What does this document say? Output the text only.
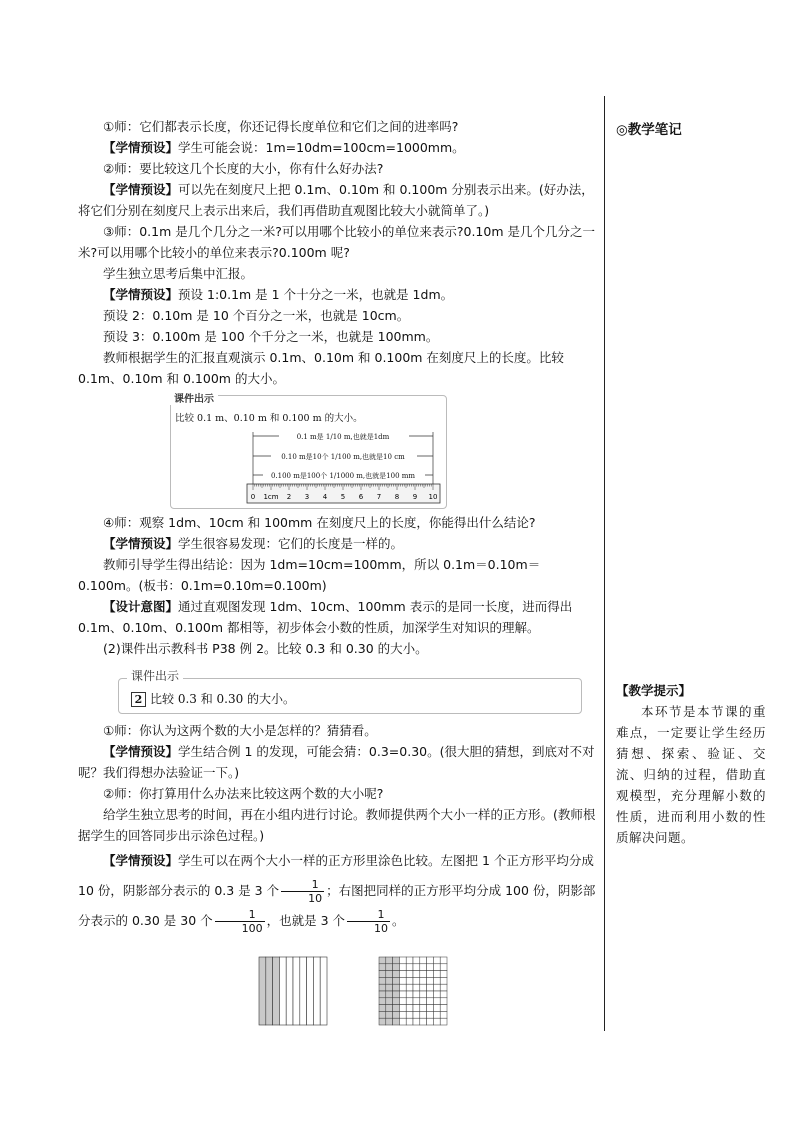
①师：它们都表示长度，你还记得长度单位和它们之间的进率吗?

【学情预设】学生可能会说：1m=10dm=100cm=1000mm。

②师：要比较这几个长度的大小，你有什么好办法?

【学情预设】可以先在刻度尺上把 0.1m、0.10m 和 0.100m 分别表示出来。(好办法，将它们分别在刻度尺上表示出来后，我们再借助直观图比较大小就简单了。)

③师：0.1m 是几个几分之一米?可以用哪个比较小的单位来表示?0.10m 是几个几分之一米?可以用哪个比较小的单位来表示?0.100m 呢?

学生独立思考后集中汇报。

【学情预设】预设 1:0.1m 是 1 个十分之一米，也就是 1dm。

预设 2：0.10m 是 10 个百分之一米，也就是 10cm。

预设 3：0.100m 是 100 个千分之一米，也就是 100mm。

教师根据学生的汇报直观演示 0.1m、0.10m 和 0.100m 在刻度尺上的长度。比较 0.1m、0.10m 和 0.100m 的大小。

课件出示
比较 0.1 m、0.10 m 和 0.100 m 的大小。
0.1 m是 1/10 m,也就是1dm
0.10 m是10个 1/100 m,也就是10 cm
0.100 m是100个 1/1000 m,也就是100 mm
0 1cm 2 3 4 5 6 7 8 9 10

④师：观察 1dm、10cm 和 100mm 在刻度尺上的长度，你能得出什么结论?

【学情预设】学生很容易发现：它们的长度是一样的。

教师引导学生得出结论：因为 1dm=10cm=100mm，所以 0.1m＝0.10m＝0.100m。(板书：0.1m=0.10m=0.100m)

【设计意图】通过直观图发现 1dm、10cm、100mm 表示的是同一长度，进而得出 0.1m、0.10m、0.100m 都相等，初步体会小数的性质，加深学生对知识的理解。

(2)课件出示教科书 P38 例 2。比较 0.3 和 0.30 的大小。

课件出示
2 比较 0.3 和 0.30 的大小。

①师：你认为这两个数的大小是怎样的？猜猜看。

【学情预设】学生结合例 1 的发现，可能会猜：0.3=0.30。(很大胆的猜想，到底对不对呢？我们得想办法验证一下。)

②师：你打算用什么办法来比较这两个数的大小呢?

给学生独立思考的时间，再在小组内进行讨论。教师提供两个大小一样的正方形。(教师根据学生的回答同步出示涂色过程。)

【学情预设】学生可以在两个大小一样的正方形里涂色比较。左图把 1 个正方形平均分成 10 份，阴影部分表示的 0.3 是 3 个 $\frac{1}{10}$ ；右图把同样的正方形平均分成 100 份，阴影部分表示的 0.30 是 30 个 $\frac{1}{100}$ ，也就是 3 个 $\frac{1}{10}$ 。

◎教学笔记
【教学提示】
本环节是本节课的重难点，一定要让学生经历猜想、探索、验证、交流、归纳的过程，借助直观模型，充分理解小数的性质，进而利用小数的性质解决问题。
